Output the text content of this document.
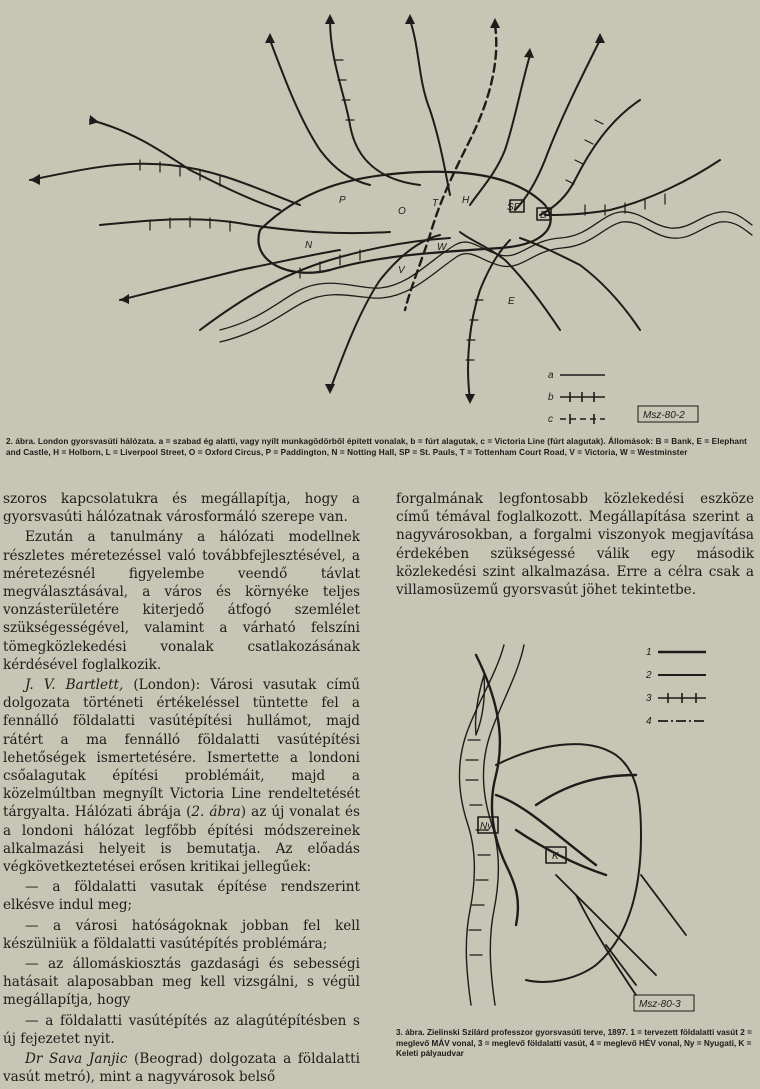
P
O
T H
SP
B
N	W
V
E
a
b
c	Msz-80-2
2. ábra. London gyorsvasúti hálózata. a = szabad ég alatti, vagy nyílt munkagödörből épített vonalak, b = fúrt alagutak, c = Victoria Line (fúrt alagutak). Állomások: B = Bank, E = Elephant and Castle, H = Holborn, L = Liverpool Street, O = Oxford Circus, P = Paddington, N = Notting Hall, SP = St. Pauls, T = Tottenham Court Road, V = Victoria, W = Westminster

szoros kapcsolatukra és megállapítja, hogy a gyorsvasúti hálózatnak városformáló szerepe van.

Ezután a tanulmány a hálózati modellnek részletes méretezéssel való továbbfejlesztésével, a méretezésnél figyelembe veendő távlat megválasztásával, a város és környéke teljes vonzásterületére kiterjedő átfogó szemlélet szükségességével, valamint a várható felszíni tömegközlekedési vonalak csatlakozásának kérdésével foglalkozik.

J. V. Bartlett, (London): Városi vasutak című dolgozata történeti értékeléssel tüntette fel a fennálló földalatti vasútépítési hullámot, majd rátért a ma fennálló földalatti vasútépítési lehetőségek ismertetésére. Ismertette a londoni csőalagutak építési problémáit, majd a közelmúltban megnyílt Victoria Line rendeltetését tárgyalta. Hálózati ábrája (2. ábra) az új vonalat és a londoni hálózat legfőbb építési módszereinek alkalmazási helyeit is bemutatja. Az előadás végkövetkeztetései erősen kritikai jellegűek:

— a földalatti vasutak építése rendszerint elkésve indul meg;

— a városi hatóságoknak jobban fel kell készülniük a földalatti vasútépítés problémára;

— az állomáskiosztás gazdasági és sebességi hatásait alaposabban meg kell vizsgálni, s végül megállapítja, hogy

— a földalatti vasútépítés az alagútépítésben s új fejezetet nyit.

Dr Sava Janjic (Beograd) dolgozata a földalatti vasút metró), mint a nagyvárosok belső

forgalmának legfontosabb közlekedési eszköze című témával foglalkozott. Megállapítása szerint a nagyvárosokban, a forgalmi viszonyok megjavítása érdekében szükségessé válik egy második közlekedési szint alkalmazása. Erre a célra csak a villamosüzemű gyorsvasút jöhet tekintetbe.

Ny
K
1
2
3
4
Msz-80-3
3. ábra. Zielinski Szilárd professzor gyorsvasúti terve, 1897. 1 = tervezett földalatti vasút 2 = meglevő MÁV vonal, 3 = meglevő földalatti vasút, 4 = meglevő HÉV vonal, Ny = Nyugati, K = Keleti pályaudvar
